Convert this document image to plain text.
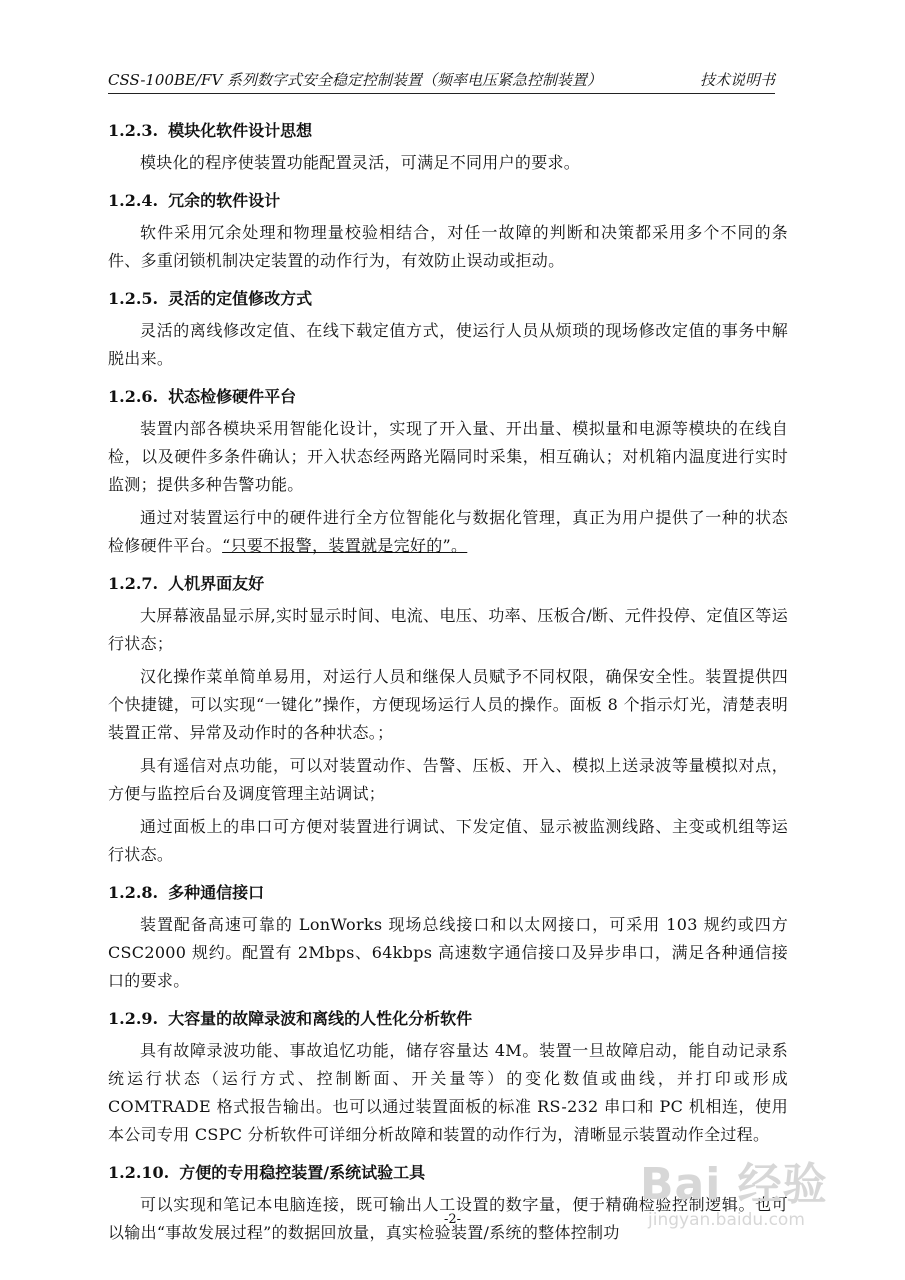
CSS-100BE/FV 系列数字式安全稳定控制装置（频率电压紧急控制装置）	技术说明书
1.2.3. 模块化软件设计思想

模块化的程序使装置功能配置灵活，可满足不同用户的要求。

1.2.4. 冗余的软件设计

软件采用冗余处理和物理量校验相结合，对任一故障的判断和决策都采用多个不同的条件、多重闭锁机制决定装置的动作行为，有效防止误动或拒动。

1.2.5. 灵活的定值修改方式

灵活的离线修改定值、在线下载定值方式，使运行人员从烦琐的现场修改定值的事务中解脱出来。

1.2.6. 状态检修硬件平台

装置内部各模块采用智能化设计，实现了开入量、开出量、模拟量和电源等模块的在线自检，以及硬件多条件确认；开入状态经两路光隔同时采集，相互确认；对机箱内温度进行实时监测；提供多种告警功能。

通过对装置运行中的硬件进行全方位智能化与数据化管理，真正为用户提供了一种的状态检修硬件平台。“只要不报警，装置就是完好的”。

1.2.7. 人机界面友好

大屏幕液晶显示屏,实时显示时间、电流、电压、功率、压板合/断、元件投停、定值区等运行状态；

汉化操作菜单简单易用，对运行人员和继保人员赋予不同权限，确保安全性。装置提供四个快捷键，可以实现“一键化”操作，方便现场运行人员的操作。面板 8 个指示灯光，清楚表明装置正常、异常及动作时的各种状态。；

具有遥信对点功能，可以对装置动作、告警、压板、开入、模拟上送录波等量模拟对点，方便与监控后台及调度管理主站调试；

通过面板上的串口可方便对装置进行调试、下发定值、显示被监测线路、主变或机组等运行状态。

1.2.8. 多种通信接口

装置配备高速可靠的 LonWorks 现场总线接口和以太网接口，可采用 103 规约或四方 CSC2000 规约。配置有 2Mbps、64kbps 高速数字通信接口及异步串口，满足各种通信接口的要求。

1.2.9. 大容量的故障录波和离线的人性化分析软件

具有故障录波功能、事故追忆功能，储存容量达 4M。装置一旦故障启动，能自动记录系统运行状态（运行方式、控制断面、开关量等）的变化数值或曲线，并打印或形成 COMTRADE 格式报告输出。也可以通过装置面板的标准 RS-232 串口和 PC 机相连，使用本公司专用 CSPC 分析软件可详细分析故障和装置的动作行为，清晰显示装置动作全过程。

1.2.10. 方便的专用稳控装置/系统试验工具

可以实现和笔记本电脑连接，既可输出人工设置的数字量，便于精确检验控制逻辑。也可以输出“事故发展过程”的数据回放量，真实检验装置/系统的整体控制功

-2-
Bai 经验
jingyan.baidu.com
